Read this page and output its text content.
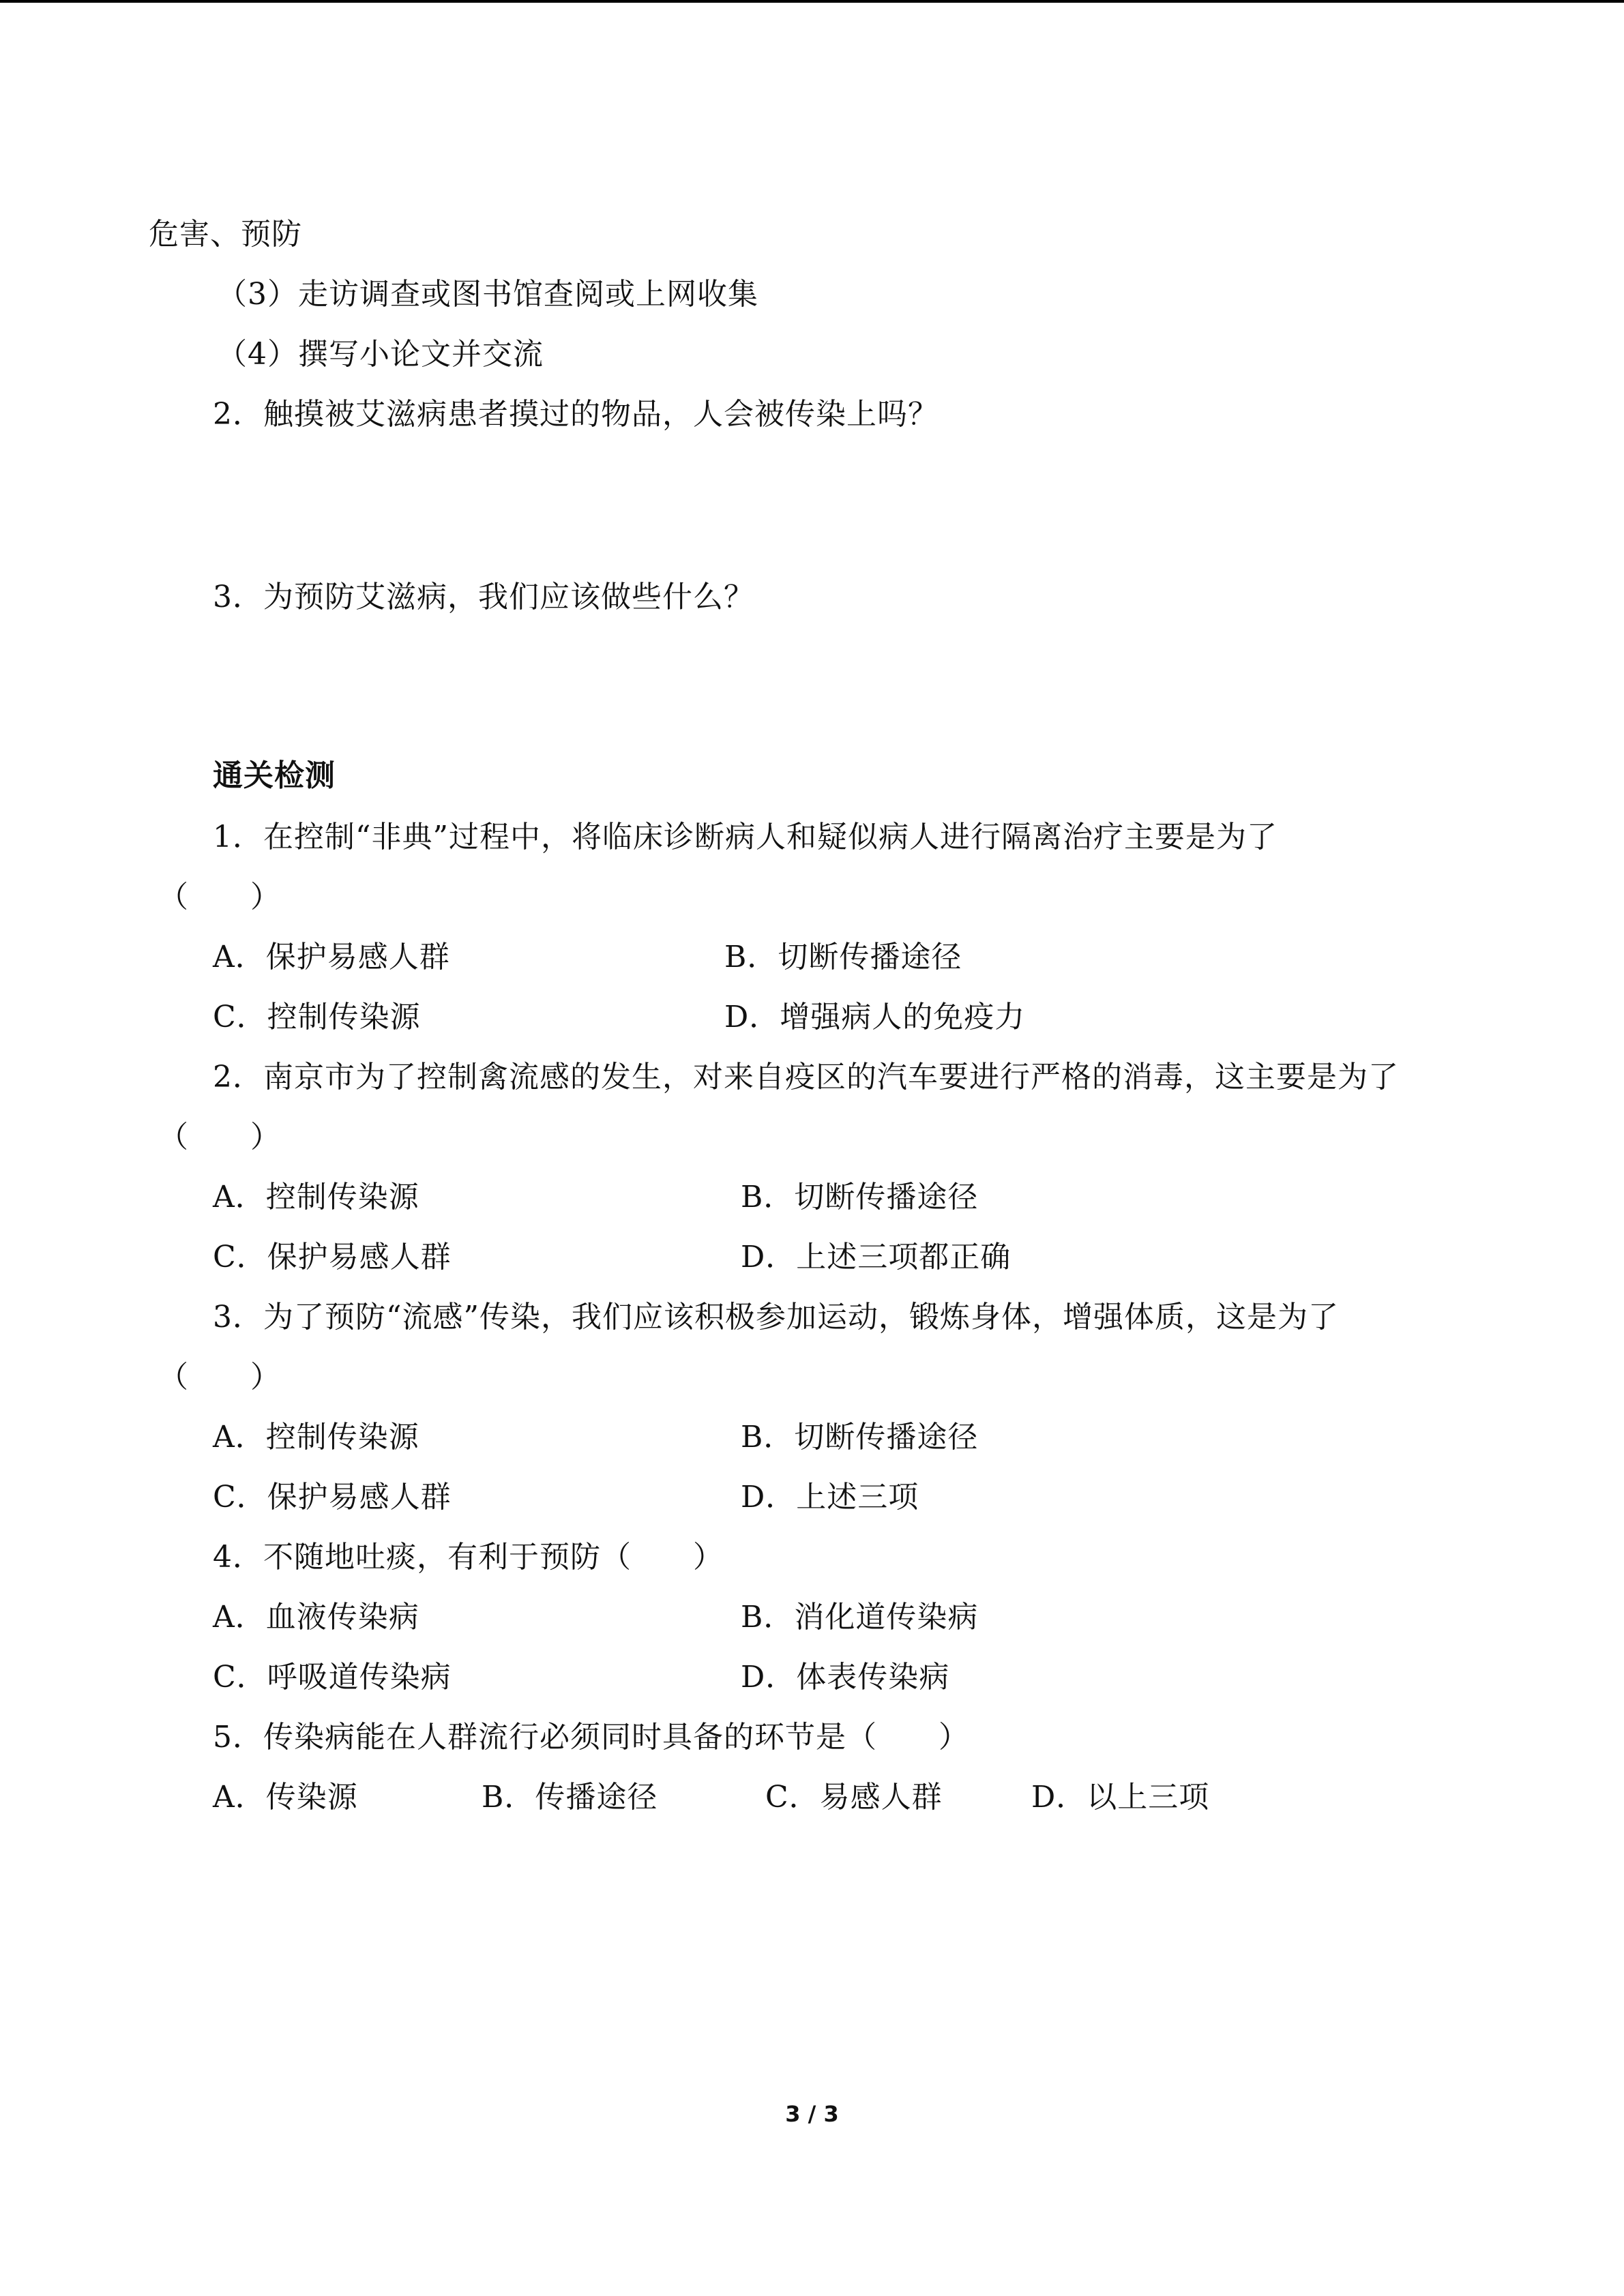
危害、预防
（3）走访调查或图书馆查阅或上网收集
（4）撰写小论文并交流
2．触摸被艾滋病患者摸过的物品，人会被传染上吗？
3．为预防艾滋病，我们应该做些什么？
通关检测
1．在控制“非典”过程中，将临床诊断病人和疑似病人进行隔离治疗主要是为了
（　　）
A．保护易感人群	B．切断传播途径
C．控制传染源	D．增强病人的免疫力
2．南京市为了控制禽流感的发生，对来自疫区的汽车要进行严格的消毒，这主要是为了
（　　）
A．控制传染源	B．切断传播途径
C．保护易感人群	D．上述三项都正确
3．为了预防“流感”传染，我们应该积极参加运动，锻炼身体，增强体质，这是为了
（　　）
A．控制传染源	B．切断传播途径
C．保护易感人群	D．上述三项
4．不随地吐痰，有利于预防（　　）
A．血液传染病	B．消化道传染病
C．呼吸道传染病	D．体表传染病
5．传染病能在人群流行必须同时具备的环节是（　　）
A．传染源	B．传播途径	C．易感人群	D．以上三项
3 / 3
